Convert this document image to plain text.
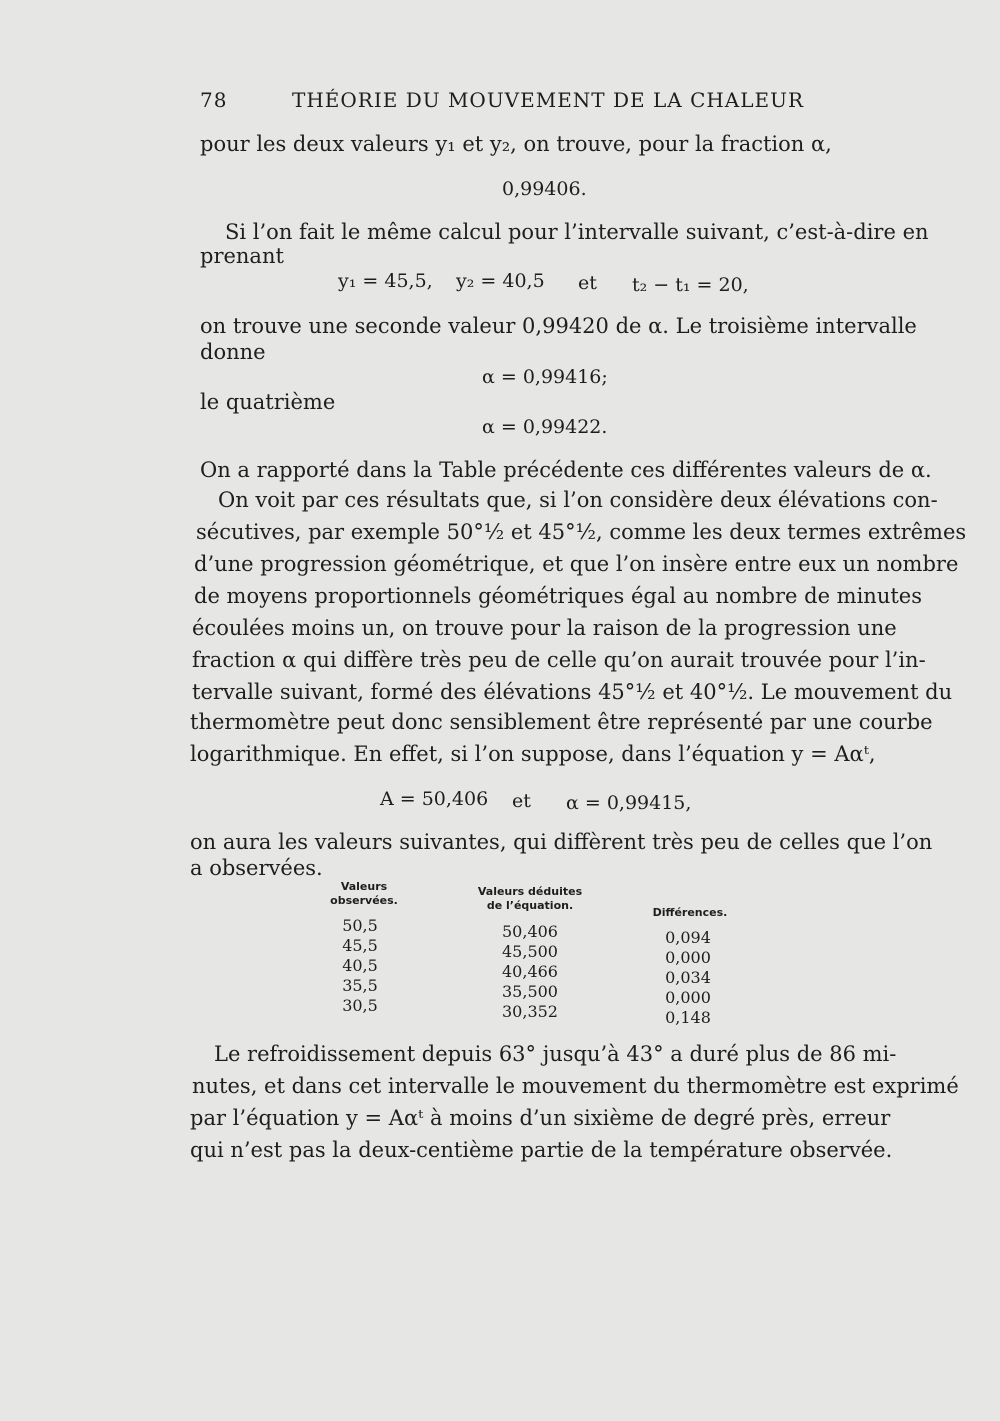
78	THÉORIE DU MOUVEMENT DE LA CHALEUR
pour les deux valeurs y₁ et y₂, on trouve, pour la fraction α,
0,99406.
Si l’on fait le même calcul pour l’intervalle suivant, c’est-à-dire en
prenant
y₁ = 45,5, y₂ = 40,5 et t₂ − t₁ = 20,
on trouve une seconde valeur 0,99420 de α. Le troisième intervalle
donne
α = 0,99416;
le quatrième
α = 0,99422.
On a rapporté dans la Table précédente ces différentes valeurs de α.
On voit par ces résultats que, si l’on considère deux élévations con-
sécutives, par exemple 50°½ et 45°½, comme les deux termes extrêmes
d’une progression géométrique, et que l’on insère entre eux un nombre
de moyens proportionnels géométriques égal au nombre de minutes
écoulées moins un, on trouve pour la raison de la progression une
fraction α qui diffère très peu de celle qu’on aurait trouvée pour l’in-
tervalle suivant, formé des élévations 45°½ et 40°½. Le mouvement du
thermomètre peut donc sensiblement être représenté par une courbe
logarithmique. En effet, si l’on suppose, dans l’équation y = Aαᵗ,
A = 50,406 et α = 0,99415,
on aura les valeurs suivantes, qui diffèrent très peu de celles que l’on
a observées.
Valeurs observées.
Valeurs déduites de l’équation.
Différences.
50,5
45,5
40,5
35,5
30,5
50,406
45,500
40,466
35,500
30,352
0,094
0,000
0,034
0,000
0,148
Le refroidissement depuis 63° jusqu’à 43° a duré plus de 86 mi-
nutes, et dans cet intervalle le mouvement du thermomètre est exprimé
par l’équation y = Aαᵗ à moins d’un sixième de degré près, erreur
qui n’est pas la deux-centième partie de la température observée.
